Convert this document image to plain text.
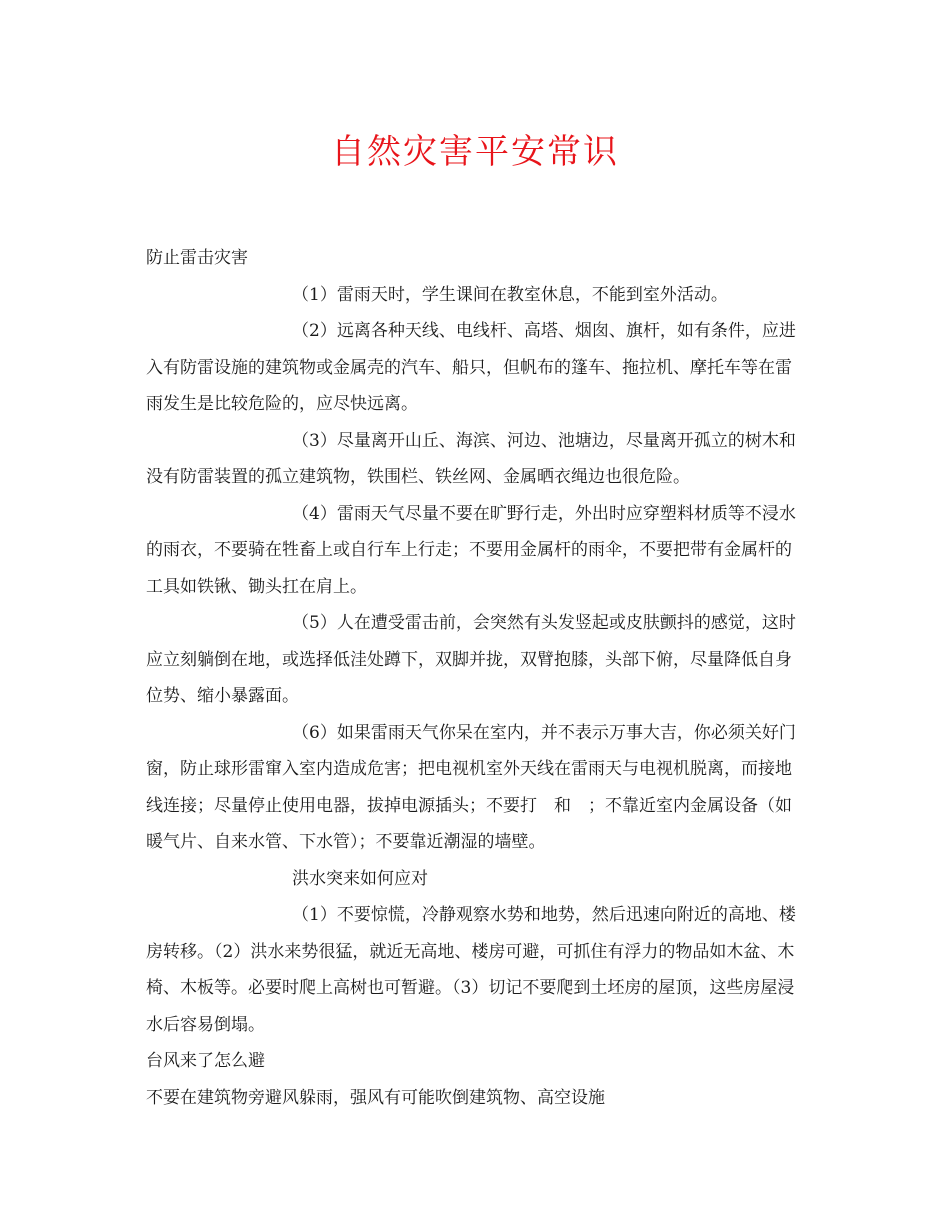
自然灾害平安常识

防止雷击灾害

（1）雷雨天时，学生课间在教室休息，不能到室外活动。

（2）远离各种天线、电线杆、高塔、烟囱、旗杆，如有条件，应进入有防雷设施的建筑物或金属壳的汽车、船只，但帆布的篷车、拖拉机、摩托车等在雷雨发生是比较危险的，应尽快远离。

（3）尽量离开山丘、海滨、河边、池塘边，尽量离开孤立的树木和没有防雷装置的孤立建筑物，铁围栏、铁丝网、金属晒衣绳边也很危险。

（4）雷雨天气尽量不要在旷野行走，外出时应穿塑料材质等不浸水的雨衣，不要骑在牲畜上或自行车上行走；不要用金属杆的雨伞，不要把带有金属杆的工具如铁锹、锄头扛在肩上。

（5）人在遭受雷击前，会突然有头发竖起或皮肤颤抖的感觉，这时应立刻躺倒在地，或选择低洼处蹲下，双脚并拢，双臂抱膝，头部下俯，尽量降低自身位势、缩小暴露面。

（6）如果雷雨天气你呆在室内，并不表示万事大吉，你必须关好门窗，防止球形雷窜入室内造成危害；把电视机室外天线在雷雨天与电视机脱离，而接地线连接；尽量停止使用电器，拔掉电源插头；不要打　和　；不靠近室内金属设备（如暖气片、自来水管、下水管）；不要靠近潮湿的墙壁。

洪水突来如何应对

（1）不要惊慌，冷静观察水势和地势，然后迅速向附近的高地、楼房转移。（2）洪水来势很猛，就近无高地、楼房可避，可抓住有浮力的物品如木盆、木椅、木板等。必要时爬上高树也可暂避。（3）切记不要爬到土坯房的屋顶，这些房屋浸水后容易倒塌。

台风来了怎么避

不要在建筑物旁避风躲雨，强风有可能吹倒建筑物、高空设施
